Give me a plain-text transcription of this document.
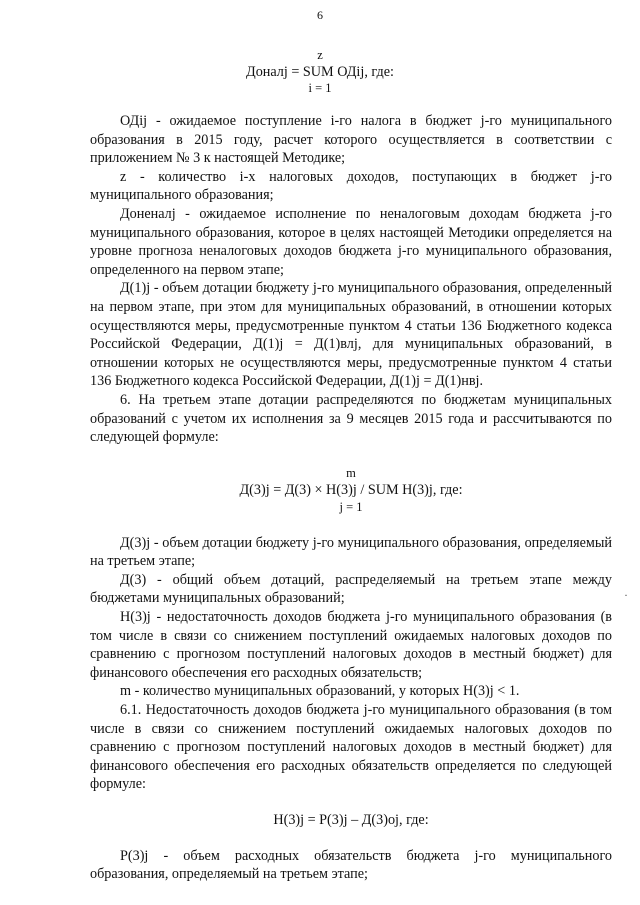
6
z
Доналj = SUM ОДij, где:
i = 1

ОДij - ожидаемое поступление i-го налога в бюджет j-го муниципального образования в 2015 году, расчет которого осуществляется в соответствии с приложением № 3 к настоящей Методике;

z - количество i-х налоговых доходов, поступающих в бюджет j-го муниципального образования;

Доненалj - ожидаемое исполнение по неналоговым доходам бюджета j-го муниципального образования, которое в целях настоящей Методики определяется на уровне прогноза неналоговых доходов бюджета j-го муниципального образования, определенного на первом этапе;

Д(1)j - объем дотации бюджету j-го муниципального образования, определенный на первом этапе, при этом для муниципальных образований, в отношении которых осуществляются меры, предусмотренные пунктом 4 статьи 136 Бюджетного кодекса Российской Федерации, Д(1)j = Д(1)влj, для муниципальных образований, в отношении которых не осуществляются меры, предусмотренные пунктом 4 статьи 136 Бюджетного кодекса Российской Федерации, Д(1)j = Д(1)нвj.

6. На третьем этапе дотации распределяются по бюджетам муниципальных образований с учетом их исполнения за 9 месяцев 2015 года и рассчитываются по следующей формуле:

m
Д(3)j = Д(3) × Н(3)j / SUM Н(3)j, где:
j = 1

Д(3)j - объем дотации бюджету j-го муниципального образования, определяемый на третьем этапе;

Д(3) - общий объем дотаций, распределяемый на третьем этапе между бюджетами муниципальных образований;

Н(3)j - недостаточность доходов бюджета j-го муниципального образования (в том числе в связи со снижением поступлений ожидаемых налоговых доходов по сравнению с прогнозом поступлений налоговых доходов в местный бюджет) для финансового обеспечения его расходных обязательств;

m - количество муниципальных образований, у которых Н(3)j < 1.

6.1. Недостаточность доходов бюджета j-го муниципального образования (в том числе в связи со снижением поступлений ожидаемых налоговых доходов по сравнению с прогнозом поступлений налоговых доходов в местный бюджет) для финансового обеспечения его расходных обязательств определяется по следующей формуле:

Н(3)j = Р(3)j – Д(3)оj, где:

Р(3)j - объем расходных обязательств бюджета j-го муниципального образования, определяемый на третьем этапе;

·
